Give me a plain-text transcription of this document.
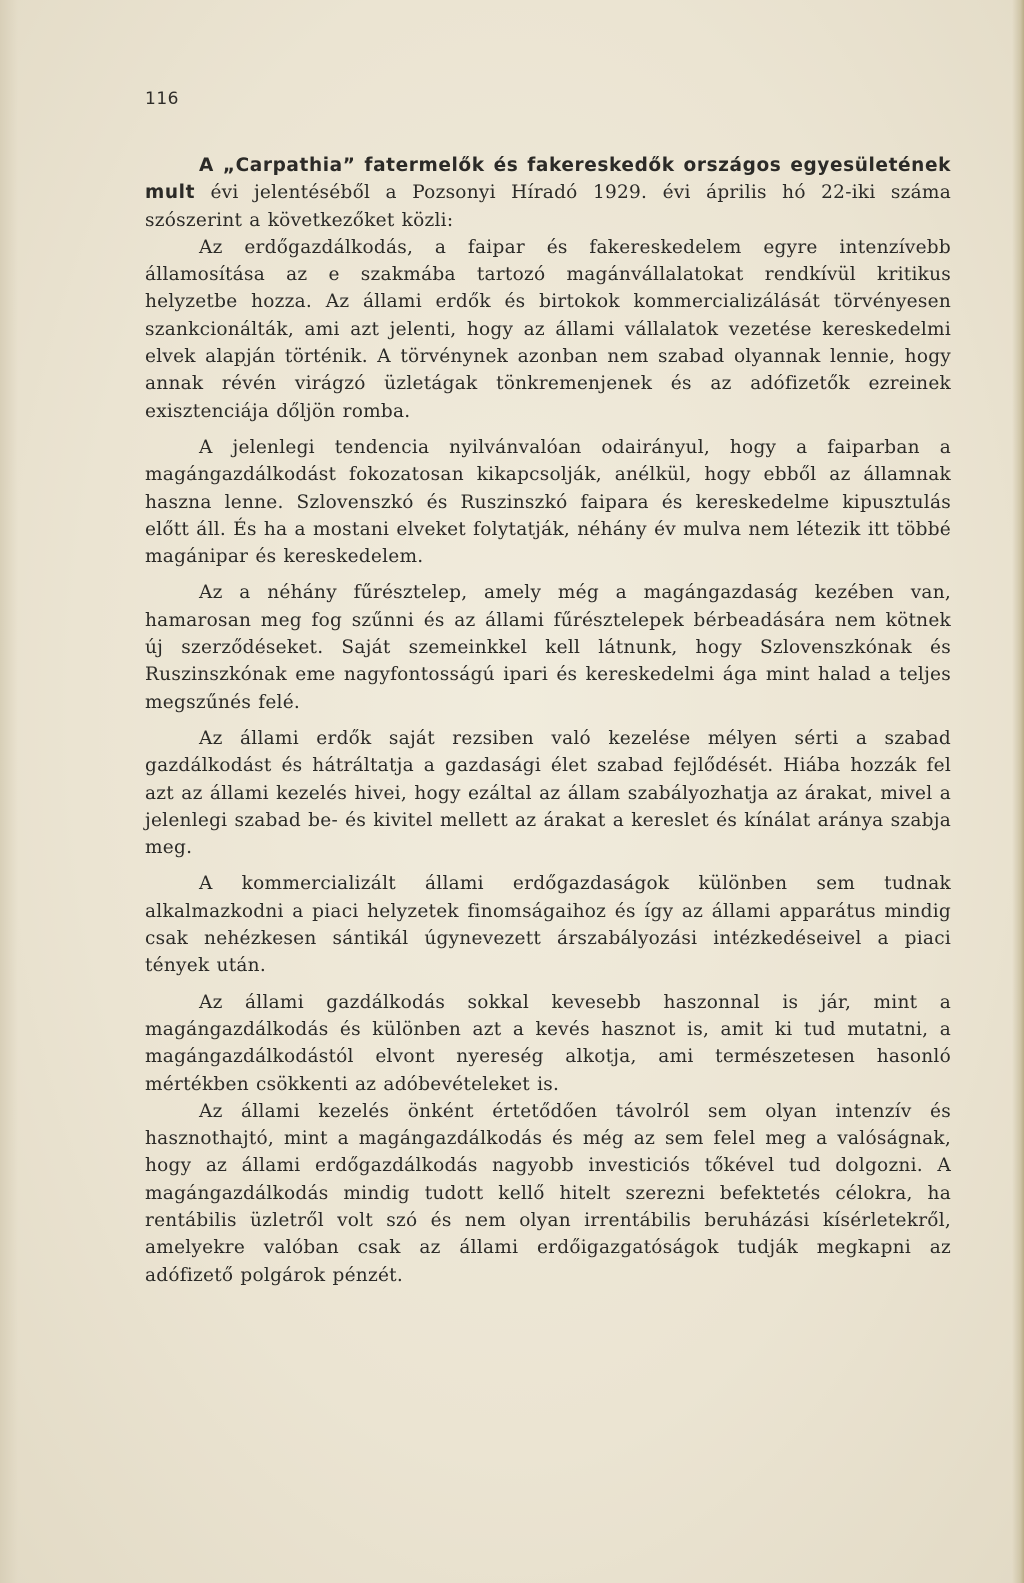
116

A „Carpathia” fatermelők és fakereskedők országos egyesületének mult évi jelentéséből a Pozsonyi Híradó 1929. évi április hó 22-iki száma szószerint a következőket közli:

Az erdőgazdálkodás, a faipar és fakereskedelem egyre intenzívebb államosítása az e szakmába tartozó magánvállalatokat rendkívül kritikus helyzetbe hozza. Az állami erdők és birtokok kommercializálását törvényesen szankcionálták, ami azt jelenti, hogy az állami vállalatok vezetése kereskedelmi elvek alapján történik. A törvénynek azonban nem szabad olyannak lennie, hogy annak révén virágzó üzletágak tönkremenjenek és az adófizetők ezreinek exisztenciája dőljön romba.

A jelenlegi tendencia nyilvánvalóan odairányul, hogy a faiparban a magángazdálkodást fokozatosan kikapcsolják, anélkül, hogy ebből az államnak haszna lenne. Szlovenszkó és Ruszinszkó faipara és kereskedelme kipusztulás előtt áll. És ha a mostani elveket folytatják, néhány év mulva nem létezik itt többé magánipar és kereskedelem.

Az a néhány fűrésztelep, amely még a magángazdaság kezében van, hamarosan meg fog szűnni és az állami fűrésztelepek bérbeadására nem kötnek új szerződéseket. Saját szemeinkkel kell látnunk, hogy Szlovenszkónak és Ruszinszkónak eme nagyfontosságú ipari és kereskedelmi ága mint halad a teljes megszűnés felé.

Az állami erdők saját rezsiben való kezelése mélyen sérti a szabad gazdálkodást és hátráltatja a gazdasági élet szabad fejlődését. Hiába hozzák fel azt az állami kezelés hivei, hogy ezáltal az állam szabályozhatja az árakat, mivel a jelenlegi szabad be- és kivitel mellett az árakat a kereslet és kínálat aránya szabja meg.

A kommercializált állami erdőgazdaságok különben sem tudnak alkalmazkodni a piaci helyzetek finomságaihoz és így az állami apparátus mindig csak nehézkesen sántikál úgynevezett árszabályozási intézkedéseivel a piaci tények után.

Az állami gazdálkodás sokkal kevesebb haszonnal is jár, mint a magángazdálkodás és különben azt a kevés hasznot is, amit ki tud mutatni, a magángazdálkodástól elvont nyereség alkotja, ami természetesen hasonló mértékben csökkenti az adóbevételeket is.

Az állami kezelés önként értetődően távolról sem olyan intenzív és hasznothajtó, mint a magángazdálkodás és még az sem felel meg a valóságnak, hogy az állami erdőgazdálkodás nagyobb investiciós tőkével tud dolgozni. A magángazdálkodás mindig tudott kellő hitelt szerezni befektetés célokra, ha rentábilis üzletről volt szó és nem olyan irrentábilis beruházási kísérletekről, amelyekre valóban csak az állami erdőigazgatóságok tudják megkapni az adófizető polgárok pénzét.
